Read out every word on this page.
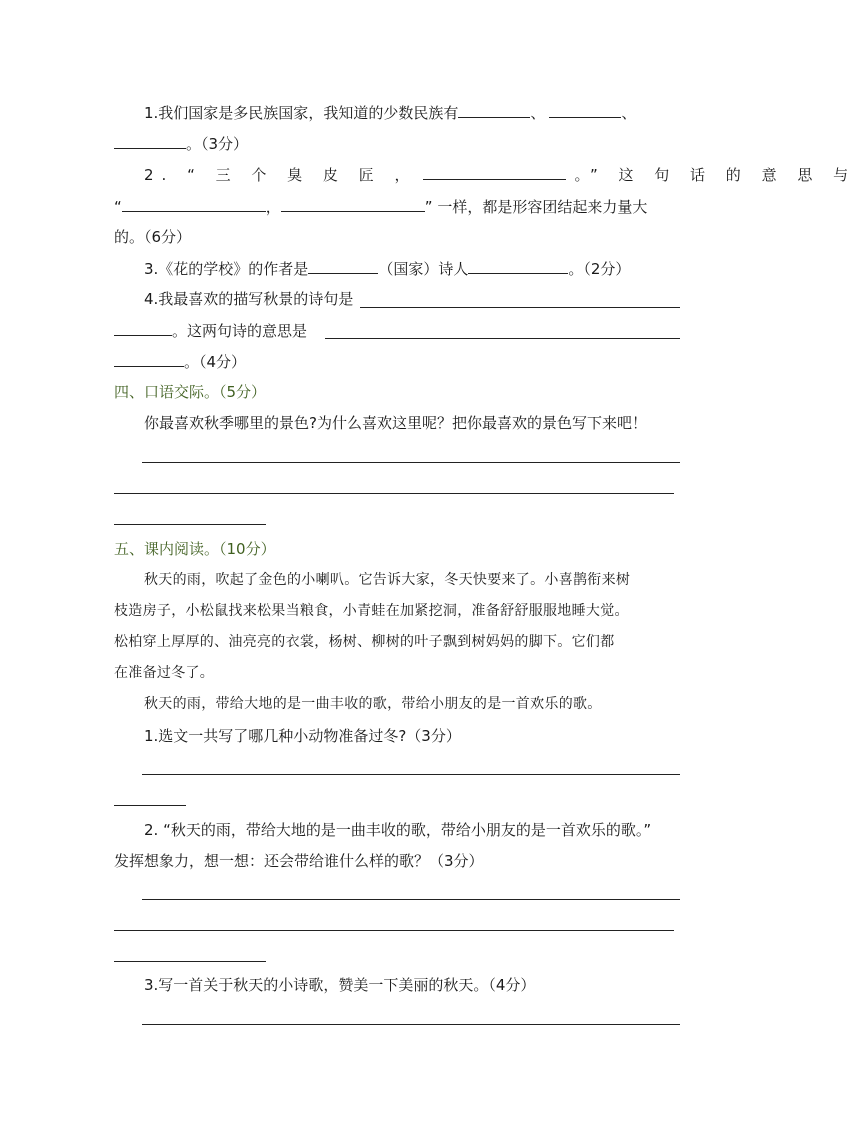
1.我们国家是多民族国家，我知道的少数民族有	、	、
。（3分）
2. “ 三 个 臭 皮 匠 ，	。” 这 句 话 的 意 思 与
“	，	” 一样，都是形容团结起来力量大
的。（6分）
3.《花的学校》的作者是	（国家）诗人	。（2分）
4.我最喜欢的描写秋景的诗句是
。这两句诗的意思是
。（4分）
四、口语交际。（5分）
你最喜欢秋季哪里的景色?为什么喜欢这里呢？把你最喜欢的景色写下来吧！
五、课内阅读。（10分）
秋天的雨，吹起了金色的小喇叭。它告诉大家，冬天快要来了。小喜鹊衔来树
枝造房子，小松鼠找来松果当粮食，小青蛙在加紧挖洞，准备舒舒服服地睡大觉。
松柏穿上厚厚的、油亮亮的衣裳，杨树、柳树的叶子飘到树妈妈的脚下。它们都
在准备过冬了。
秋天的雨，带给大地的是一曲丰收的歌，带给小朋友的是一首欢乐的歌。
1.选文一共写了哪几种小动物准备过冬?（3分）
2. “秋天的雨，带给大地的是一曲丰收的歌，带给小朋友的是一首欢乐的歌。”
发挥想象力，想一想：还会带给谁什么样的歌？（3分）
3.写一首关于秋天的小诗歌，赞美一下美丽的秋天。（4分）
